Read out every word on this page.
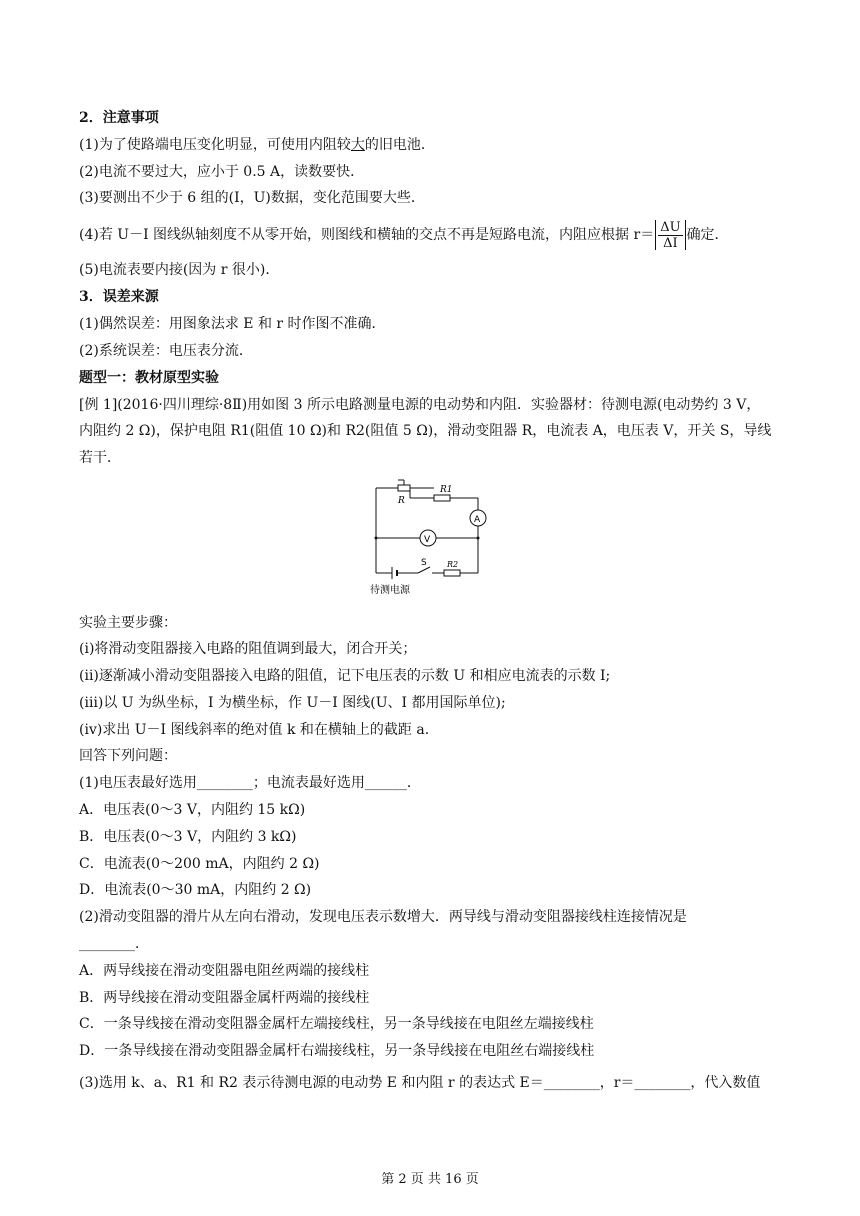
2．注意事项
(1)为了使路端电压变化明显，可使用内阻较大的旧电池．
(2)电流不要过大，应小于 0.5 A，读数要快．
(3)要测出不少于 6 组的(I，U)数据，变化范围要大些．
(4)若 U－I 图线纵轴刻度不从零开始，则图线和横轴的交点不再是短路电流，内阻应根据 $r= \frac{\Delta U}{\Delta I}$ 确定．
(5)电流表要内接(因为 r 很小)．
3．误差来源
(1)偶然误差：用图象法求 E 和 r 时作图不准确．
(2)系统误差：电压表分流．
题型一：教材原型实验
[例 1](2016·四川理综·8Ⅱ)用如图 3 所示电路测量电源的电动势和内阻．实验器材：待测电源(电动势约 3 V，
内阻约 2 Ω)，保护电阻 R1(阻值 10 Ω)和 R2(阻值 5 Ω)，滑动变阻器 R，电流表 A，电压表 V，开关 S，导线
若干．
R1
R
A
V
S	R2
待测电源
实验主要步骤：
(ⅰ)将滑动变阻器接入电路的阻值调到最大，闭合开关；
(ⅱ)逐渐减小滑动变阻器接入电路的阻值，记下电压表的示数 U 和相应电流表的示数 I;
(ⅲ)以 U 为纵坐标，I 为横坐标，作 U－I 图线(U、I 都用国际单位);
(ⅳ)求出 U－I 图线斜率的绝对值 k 和在横轴上的截距 a.
回答下列问题：
(1)电压表最好选用________；电流表最好选用______．
A．电压表(0～3 V，内阻约 15 kΩ)
B．电压表(0～3 V，内阻约 3 kΩ)
C．电流表(0～200 mA，内阻约 2 Ω)
D．电流表(0～30 mA，内阻约 2 Ω)
(2)滑动变阻器的滑片从左向右滑动，发现电压表示数增大．两导线与滑动变阻器接线柱连接情况是
________．
A．两导线接在滑动变阻器电阻丝两端的接线柱
B．两导线接在滑动变阻器金属杆两端的接线柱
C．一条导线接在滑动变阻器金属杆左端接线柱，另一条导线接在电阻丝左端接线柱
D．一条导线接在滑动变阻器金属杆右端接线柱，另一条导线接在电阻丝右端接线柱
(3)选用 k、a、R1 和 R2 表示待测电源的电动势 E 和内阻 r 的表达式 E＝________，r＝________，代入数值
第 2 页 共 16 页
